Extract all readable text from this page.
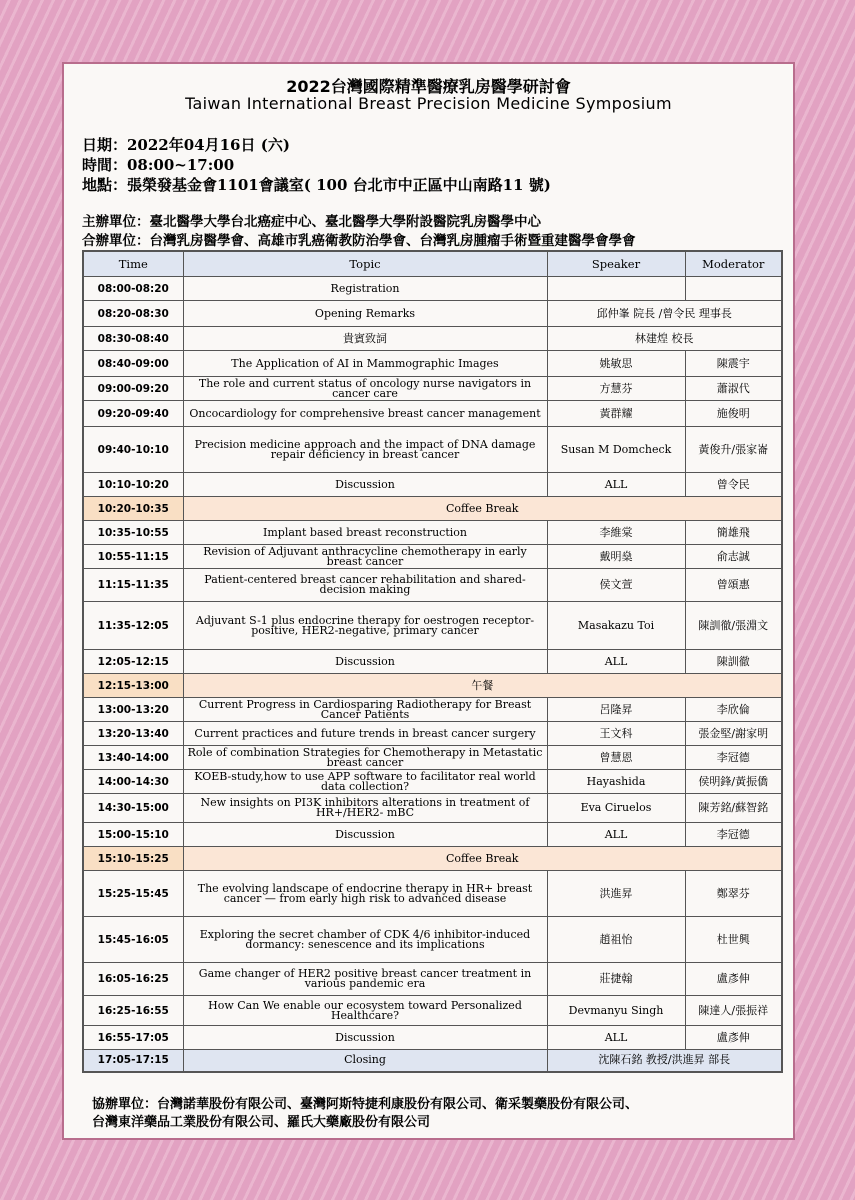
2022台灣國際精準醫療乳房醫學研討會
Taiwan International Breast Precision Medicine Symposium
日期：2022年04月16日 (六)
時間：08:00~17:00
地點：張榮發基金會1101會議室( 100 台北市中正區中山南路11 號)
主辦單位：臺北醫學大學台北癌症中心、臺北醫學大學附設醫院乳房醫學中心
合辦單位：台灣乳房醫學會、高雄市乳癌衛教防治學會、台灣乳房腫瘤手術暨重建醫學會學會
Time	Topic	Speaker	Moderator
08:00-08:20	Registration		
08:20-08:30	Opening Remarks	邱仲峯 院長 /曾令民 理事長	
08:30-08:40	貴賓致詞	林建煌 校長	
08:40-09:00	The Application of AI in Mammographic Images	姚敏思	陳震宇
09:00-09:20	The role and current status of oncology nurse navigators in cancer care	方慧芬	蕭淑代
09:20-09:40	Oncocardiology for comprehensive breast cancer management	黃群耀	施俊明
09:40-10:10	Precision medicine approach and the impact of DNA damage repair deficiency in breast cancer	Susan M Domcheck	黃俊升/張家崙
10:10-10:20	Discussion	ALL	曾令民
10:20-10:35	Coffee Break		
10:35-10:55	Implant based breast reconstruction	李維棠	簡雄飛
10:55-11:15	Revision of Adjuvant anthracycline chemotherapy in early breast cancer	戴明燊	俞志誠
11:15-11:35	Patient-centered breast cancer rehabilitation and shared-decision making	侯文萱	曾頌惠
11:35-12:05	Adjuvant S-1 plus endocrine therapy for oestrogen receptor-positive, HER2-negative, primary cancer	Masakazu Toi	陳訓徹/張淵文
12:05-12:15	Discussion	ALL	陳訓徹
12:15-13:00	午餐		
13:00-13:20	Current Progress in Cardiosparing Radiotherapy for Breast Cancer Patients	呂隆昇	李欣倫
13:20-13:40	Current practices and future trends in breast cancer surgery	王文科	張金堅/謝家明
13:40-14:00	Role of combination Strategies for Chemotherapy in Metastatic breast cancer	曾慧恩	李冠德
14:00-14:30	KOEB-study,how to use APP software to facilitator real world data collection?	Hayashida	侯明鋒/黃振僑
14:30-15:00	New insights on PI3K inhibitors alterations in treatment of HR+/HER2- mBC	Eva Ciruelos	陳芳銘/蘇智銘
15:00-15:10	Discussion	ALL	李冠德
15:10-15:25	Coffee Break		
15:25-15:45	The evolving landscape of endocrine therapy in HR+ breast cancer — from early high risk to advanced disease	洪進昇	鄭翠芬
15:45-16:05	Exploring the secret chamber of CDK 4/6 inhibitor-induced dormancy: senescence and its implications	趙祖怡	杜世興
16:05-16:25	Game changer of HER2 positive breast cancer treatment in various pandemic era	莊捷翰	盧彥伸
16:25-16:55	How Can We enable our ecosystem toward Personalized Healthcare?	Devmanyu Singh	陳達人/張振祥
16:55-17:05	Discussion	ALL	盧彥伸
17:05-17:15	Closing	沈陳石銘 教授/洪進昇 部長	
協辦單位：台灣諾華股份有限公司、臺灣阿斯特捷利康股份有限公司、衛采製藥股份有限公司、
台灣東洋藥品工業股份有限公司、羅氏大藥廠股份有限公司
